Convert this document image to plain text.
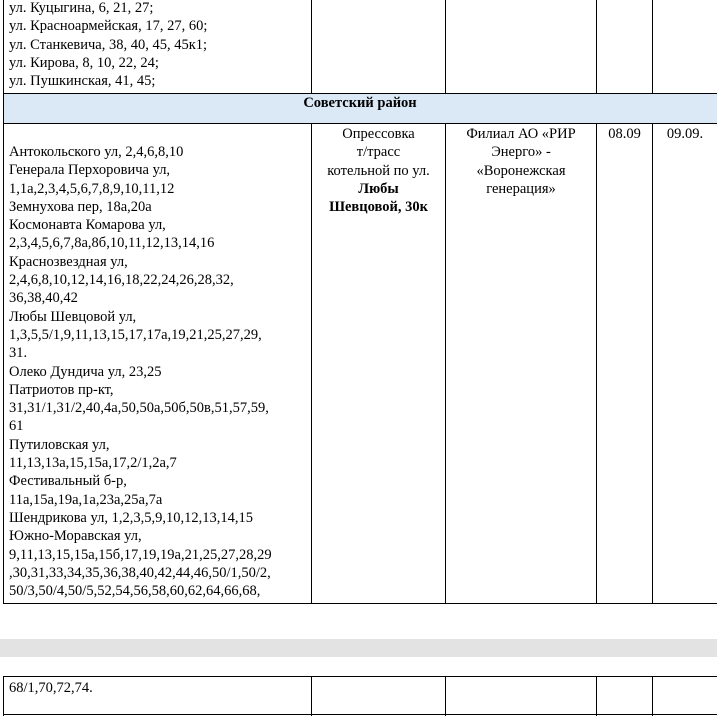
ул. Куцыгина, 6, 21, 27;
ул. Красноармейская, 17, 27, 60;
ул. Станкевича, 38, 40, 45, 45к1;
ул. Кирова, 8, 10, 22, 24;
ул. Пушкинская, 41, 45;
Советский район
Антокольского ул, 2,4,6,8,10
Генерала Перхоровича ул,
1,1а,2,3,4,5,6,7,8,9,10,11,12
Земнухова пер, 18а,20а
Космонавта Комарова ул,
2,3,4,5,6,7,8а,8б,10,11,12,13,14,16
Краснозвездная ул,
2,4,6,8,10,12,14,16,18,22,24,26,28,32,
36,38,40,42
Любы Шевцовой ул,
1,3,5,5/1,9,11,13,15,17,17а,19,21,25,27,29,
31.
Олеко Дундича ул, 23,25
Патриотов пр-кт,
31,31/1,31/2,40,4а,50,50а,50б,50в,51,57,59,
61
Путиловская ул,
11,13,13а,15,15а,17,2/1,2а,7
Фестивальный б-р,
11а,15а,19а,1а,23а,25а,7а
Шендрикова ул, 1,2,3,5,9,10,12,13,14,15
Южно-Моравская ул,
9,11,13,15,15а,15б,17,19,19а,21,25,27,28,29
,30,31,33,34,35,36,38,40,42,44,46,50/1,50/2,
50/3,50/4,50/5,52,54,56,58,60,62,64,66,68,
Опрессовка
т/трасс
котельной по ул.
Любы
Шевцовой, 30к
Филиал АО «РИР
Энерго» -
«Воронежская
генерация»
08.09	09.09.
68/1,70,72,74.
